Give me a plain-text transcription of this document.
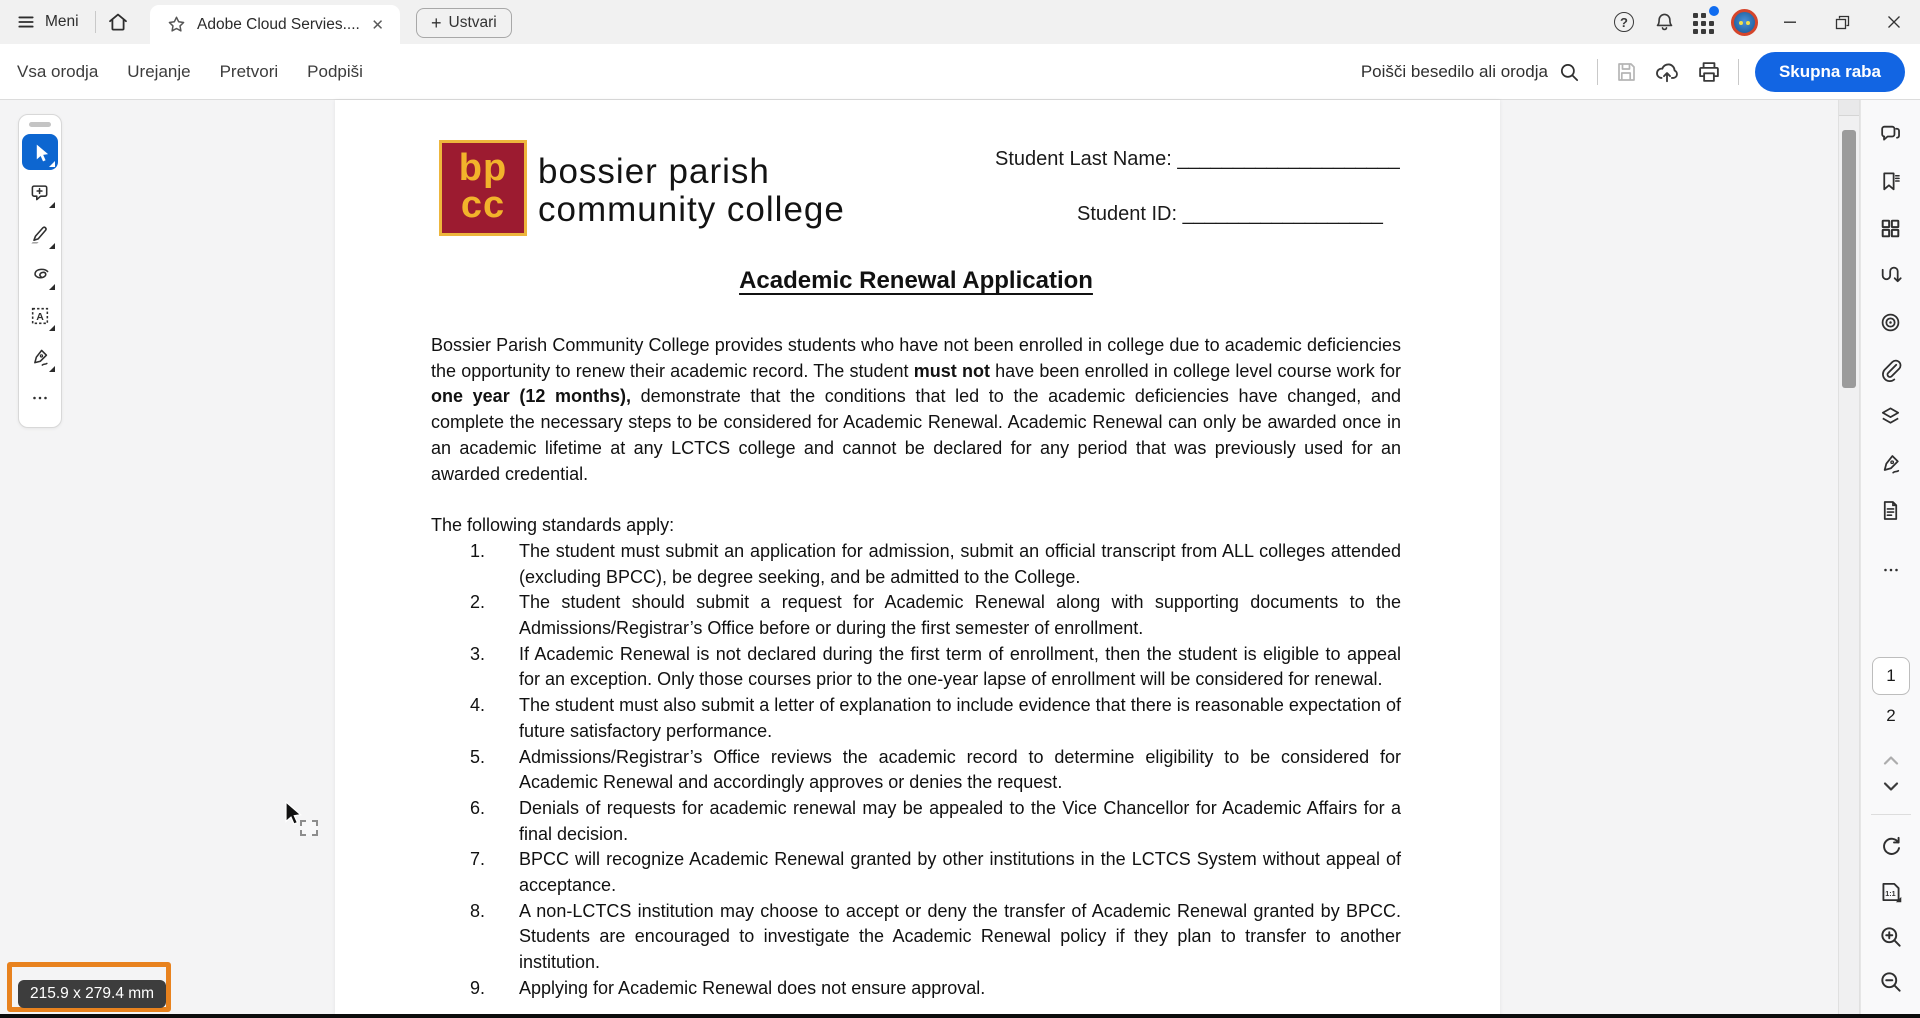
Meni	Adobe Cloud Servies.... ✕	+ Ustvari	?
Vsa orodja Urejanje Pretvori Podpiši	Poišči besedilo ali orodja	Skupna raba
bp
cc
bossier parish
community college
Student Last Name: ____________________
Student ID: __________________
Academic Renewal Application

Bossier Parish Community College provides students who have not been enrolled in college due to academic deficiencies the opportunity to renew their academic record. The student must not have been enrolled in college level course work for one year (12 months), demonstrate that the conditions that led to the academic deficiencies have changed, and complete the necessary steps to be considered for Academic Renewal. Academic Renewal can only be awarded once in an academic lifetime at any LCTCS college and cannot be declared for any period that was previously used for an awarded credential.

The following standards apply:

1.	The student must submit an application for admission, submit an official transcript from ALL colleges attended (excluding BPCC), be degree seeking, and be admitted to the College.
2.	The student should submit a request for Academic Renewal along with supporting documents to the Admissions/Registrar’s Office before or during the first semester of enrollment.
3.	If Academic Renewal is not declared during the first term of enrollment, then the student is eligible to appeal for an exception. Only those courses prior to the one-year lapse of enrollment will be considered for renewal.
4.	The student must also submit a letter of explanation to include evidence that there is reasonable expectation of future satisfactory performance.
5.	Admissions/Registrar’s Office reviews the academic record to determine eligibility to be considered for Academic Renewal and accordingly approves or denies the request.
6.	Denials of requests for academic renewal may be appealed to the Vice Chancellor for Academic Affairs for a final decision.
7.	BPCC will recognize Academic Renewal granted by other institutions in the LCTCS System without appeal of acceptance.
8.	A non-LCTCS institution may choose to accept or deny the transfer of Academic Renewal granted by BPCC. Students are encouraged to investigate the Academic Renewal policy if they plan to transfer to another institution.
9.	Applying for Academic Renewal does not ensure approval.
A
215.9 x 279.4 mm
1
2
1:1
